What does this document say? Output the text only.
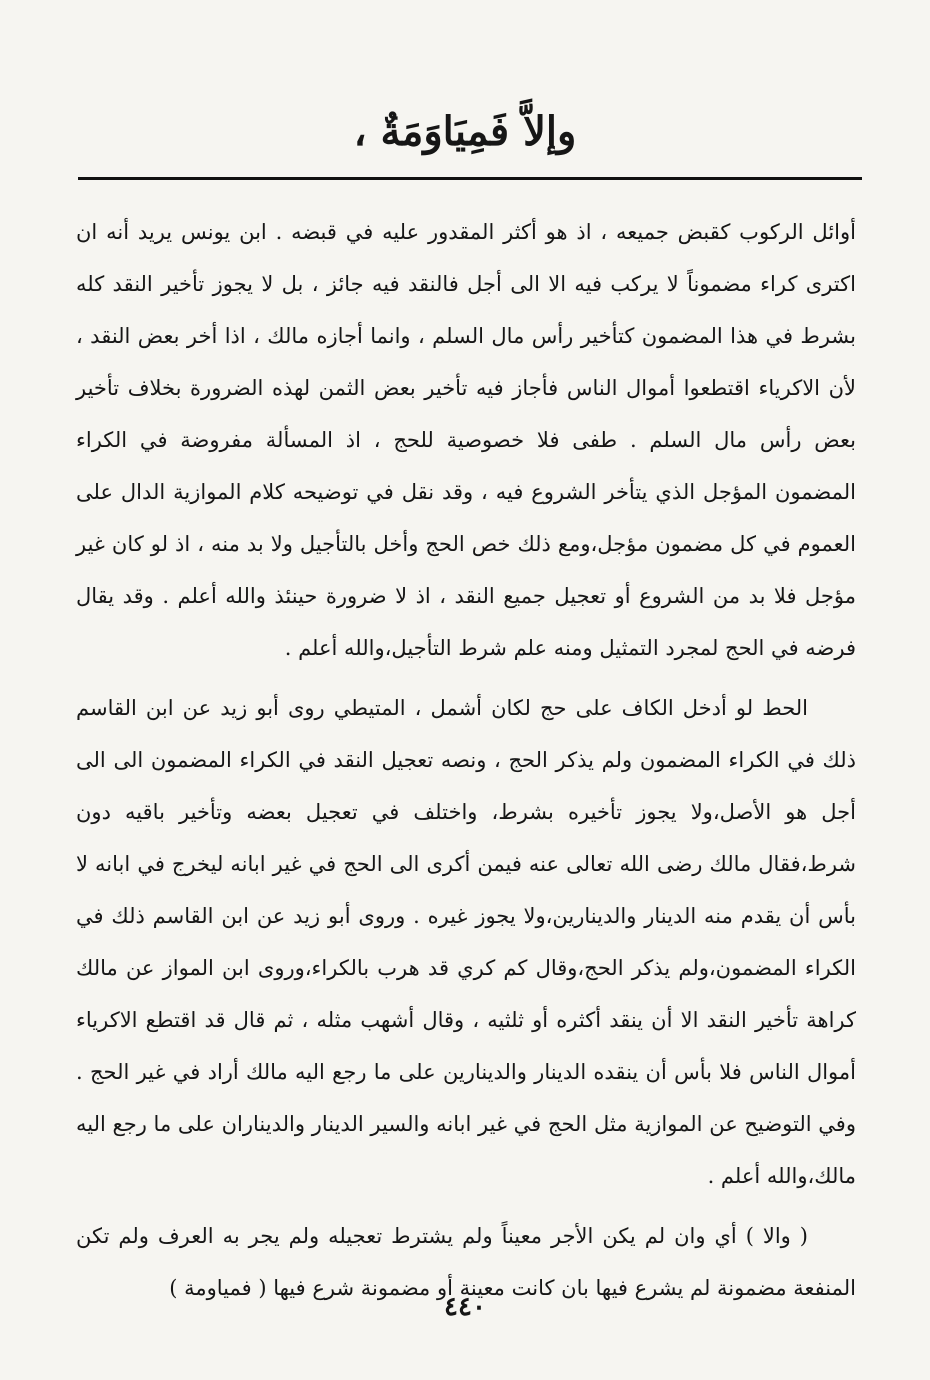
وإلاَّ فَمِيَاوَمَةٌ ،

أوائل الركوب كقبض جميعه ، اذ هو أكثر المقدور عليه في قبضه . ابن يونس يريد أنه ان اكترى كراء مضموناً لا يركب فيه الا الى أجل فالنقد فيه جائز ، بل لا يجوز تأخير النقد كله بشرط في هذا المضمون كتأخير رأس مال السلم ، وانما أجازه مالك ، اذا أخر بعض النقد ، لأن الاكرياء اقتطعوا أموال الناس فأجاز فيه تأخير بعض الثمن لهذه الضرورة بخلاف تأخير بعض رأس مال السلم . طفى فلا خصوصية للحج ، اذ المسألة مفروضة في الكراء المضمون المؤجل الذي يتأخر الشروع فيه ، وقد نقل في توضيحه كلام الموازية الدال على العموم في كل مضمون مؤجل،ومع ذلك خص الحج وأخل بالتأجيل ولا بد منه ، اذ لو كان غير مؤجل فلا بد من الشروع أو تعجيل جميع النقد ، اذ لا ضرورة حينئذ والله أعلم . وقد يقال فرضه في الحج لمجرد التمثيل ومنه علم شرط التأجيل،والله أعلم .

الحط لو أدخل الكاف على حج لكان أشمل ، المتيطي روى أبو زيد عن ابن القاسم ذلك في الكراء المضمون ولم يذكر الحج ، ونصه تعجيل النقد في الكراء المضمون الى الى أجل هو الأصل،ولا يجوز تأخيره بشرط، واختلف في تعجيل بعضه وتأخير باقيه دون شرط،فقال مالك رضى الله تعالى عنه فيمن أكرى الى الحج في غير ابانه ليخرج في ابانه لا بأس أن يقدم منه الدينار والدينارين،ولا يجوز غيره . وروى أبو زيد عن ابن القاسم ذلك في الكراء المضمون،ولم يذكر الحج،وقال كم كري قد هرب بالكراء،وروى ابن المواز عن مالك كراهة تأخير النقد الا أن ينقد أكثره أو ثلثيه ، وقال أشهب مثله ، ثم قال قد اقتطع الاكرياء أموال الناس فلا بأس أن ينقده الدينار والدينارين على ما رجع اليه مالك أراد في غير الحج . وفي التوضيح عن الموازية مثل الحج في غير ابانه والسير الدينار والديناران على ما رجع اليه مالك،والله أعلم .

( والا ) أي وان لم يكن الأجر معيناً ولم يشترط تعجيله ولم يجر به العرف ولم تكن المنفعة مضمونة لم يشرع فيها بان كانت معينة أو مضمونة شرع فيها ( فمياومة )

٤٤٠
